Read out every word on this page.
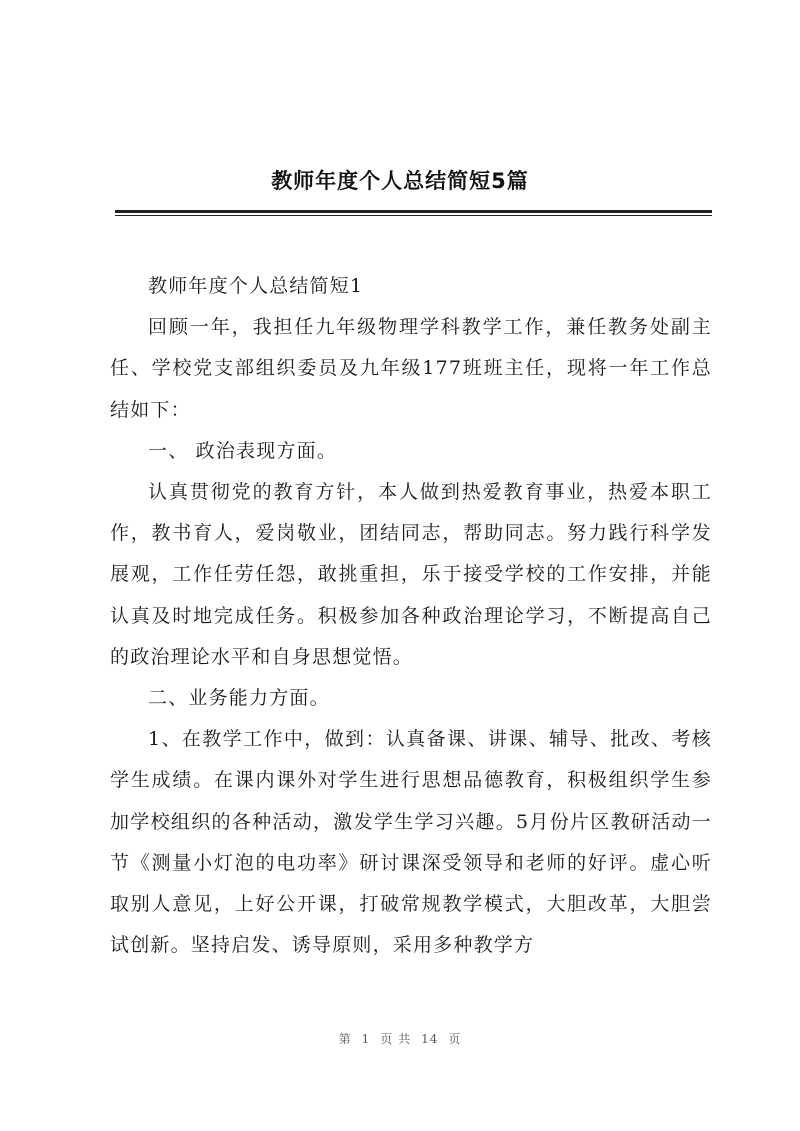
教师年度个人总结简短5篇

教师年度个人总结简短1

回顾一年，我担任九年级物理学科教学工作，兼任教务处副主任、学校党支部组织委员及九年级177班班主任，现将一年工作总结如下：

一、 政治表现方面。

认真贯彻党的教育方针，本人做到热爱教育事业，热爱本职工作，教书育人，爱岗敬业，团结同志，帮助同志。努力践行科学发展观，工作任劳任怨，敢挑重担，乐于接受学校的工作安排，并能认真及时地完成任务。积极参加各种政治理论学习，不断提高自己的政治理论水平和自身思想觉悟。

二、业务能力方面。

1、在教学工作中，做到：认真备课、讲课、辅导、批改、考核学生成绩。在课内课外对学生进行思想品德教育，积极组织学生参加学校组织的各种活动，激发学生学习兴趣。5月份片区教研活动一节《测量小灯泡的电功率》研讨课深受领导和老师的好评。虚心听取别人意见，上好公开课，打破常规教学模式，大胆改革，大胆尝试创新。坚持启发、诱导原则，采用多种教学方

第 1 页 共 14 页
